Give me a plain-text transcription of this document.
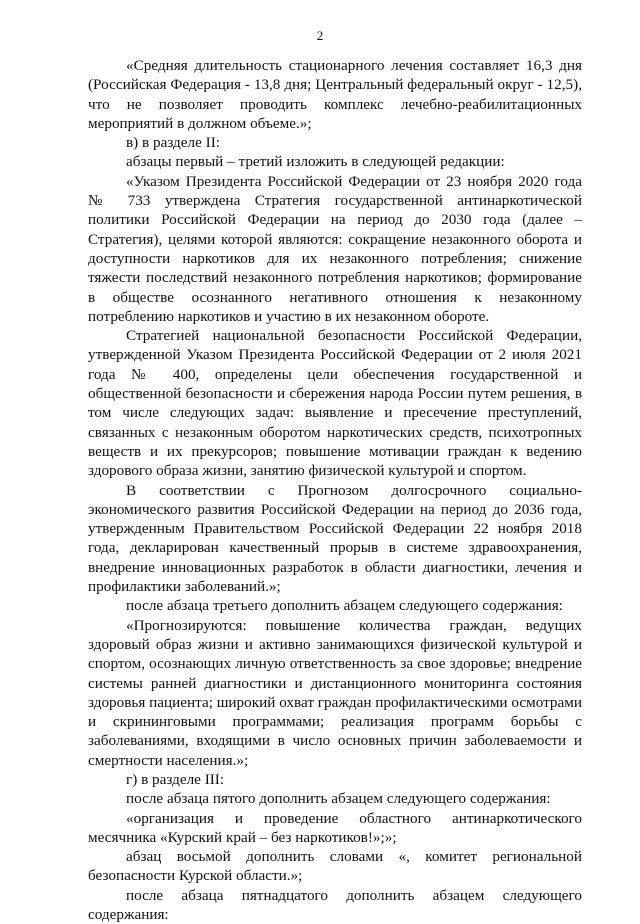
2

«Средняя длительность стационарного лечения составляет 16,3 дня (Российская Федерация - 13,8 дня; Центральный федеральный округ - 12,5), что не позволяет проводить комплекс лечебно-реабилитационных мероприятий в должном объеме.»;

в) в разделе II:

абзацы первый – третий изложить в следующей редакции:

«Указом Президента Российской Федерации от 23 ноября 2020 года № 733 утверждена Стратегия государственной антинаркотической политики Российской Федерации на период до 2030 года (далее – Стратегия), целями которой являются: сокращение незаконного оборота и доступности наркотиков для их незаконного потребления; снижение тяжести последствий незаконного потребления наркотиков; формирование в обществе осознанного негативного отношения к незаконному потреблению наркотиков и участию в их незаконном обороте.

Стратегией национальной безопасности Российской Федерации, утвержденной Указом Президента Российской Федерации от 2 июля 2021 года № 400, определены цели обеспечения государственной и общественной безопасности и сбережения народа России путем решения, в том числе следующих задач: выявление и пресечение преступлений, связанных с незаконным оборотом наркотических средств, психотропных веществ и их прекурсоров; повышение мотивации граждан к ведению здорового образа жизни, занятию физической культурой и спортом.

В соответствии с Прогнозом долгосрочного социально-экономического развития Российской Федерации на период до 2036 года, утвержденным Правительством Российской Федерации 22 ноября 2018 года, декларирован качественный прорыв в системе здравоохранения, внедрение инновационных разработок в области диагностики, лечения и профилактики заболеваний.»;

после абзаца третьего дополнить абзацем следующего содержания:

«Прогнозируются: повышение количества граждан, ведущих здоровый образ жизни и активно занимающихся физической культурой и спортом, осознающих личную ответственность за свое здоровье; внедрение системы ранней диагностики и дистанционного мониторинга состояния здоровья пациента; широкий охват граждан профилактическими осмотрами и скрининговыми программами; реализация программ борьбы с заболеваниями, входящими в число основных причин заболеваемости и смертности населения.»;

г) в разделе III:

после абзаца пятого дополнить абзацем следующего содержания:

«организация и проведение областного антинаркотического месячника «Курский край – без наркотиков!»;»;

абзац восьмой дополнить словами «, комитет региональной безопасности Курской области.»;

после абзаца пятнадцатого дополнить абзацем следующего содержания:
